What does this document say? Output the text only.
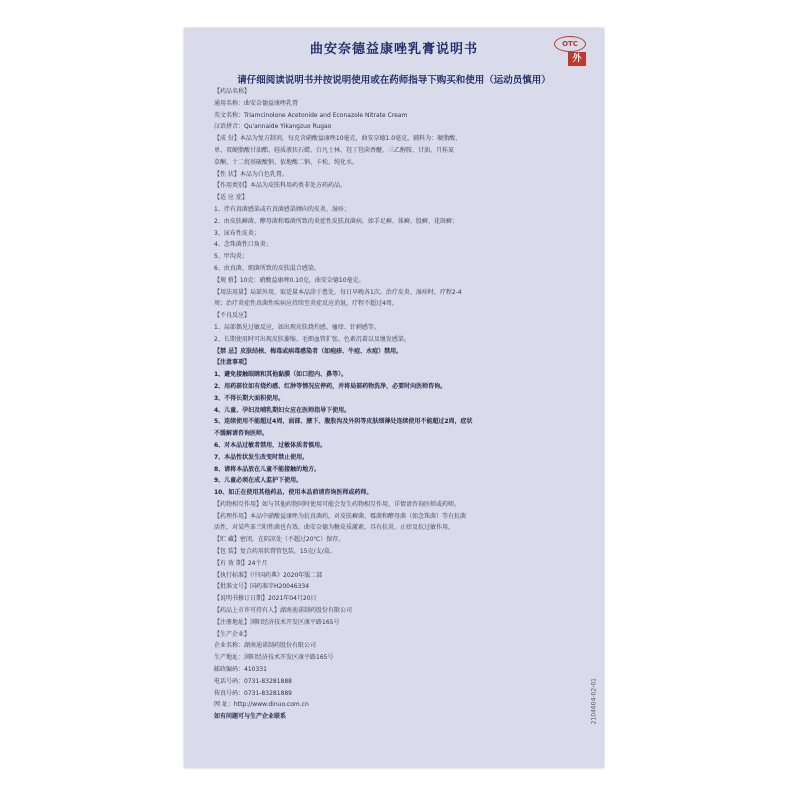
曲安奈德益康唑乳膏说明书	OTC
外
请仔细阅读说明书并按说明使用或在药师指导下购买和使用（运动员慎用）
【药品名称】
通用名称：曲安奈德益康唑乳膏
英文名称：Triamcinolone Acetonide and Econazole Nitrate Cream
汉语拼音：Qu'annaide Yikangzuo Rugao
【成 份】本品为复方制剂，每克含硝酸益康唑10毫克，曲安奈德1.0毫克，辅料为：硬脂酸、
单、双硬脂酸甘油酯、轻质液状石蜡、白凡士林、羟丁羟茴香醚、三乙醇胺、甘油、月桂氮
草酮、十二烷基硫酸钠、依地酸二钠、卡松、纯化水。
【性 状】本品为白色乳膏。
【作用类别】本品为皮肤科用药类非处方药药品。
【适 应 症】
1、伴有真菌感染或有真菌感染倾向的皮炎、湿疹；
2、由皮肤癣菌、酵母菌和霉菌所致的炎症性皮肤真菌病，如手足癣、体癣、股癣、花斑癣；
3、尿布性皮炎；
4、念珠菌性口角炎；
5、甲沟炎；
6、由真菌、细菌所致的皮肤混合感染。
【规 格】10克：硝酸益康唑0.10克，曲安奈德10毫克。
【用法用量】局部外用，取适量本品涂于患处，每日早晚各1次。治疗皮炎、湿疹时，疗程2-4
周；治疗炎症性真菌性疾病应持续至炎症反应消退，疗程不超过4周。
【不良反应】
1、局部偶见过敏反应，如出现皮肤烧灼感、瘙痒、针刺感等。
2、长期使用时可出现皮肤萎缩、毛细血管扩张、色素沉着以及继发感染。
【禁 忌】皮肤结核、梅毒或病毒感染者（如疱疹、牛痘、水痘）禁用。
【注意事项】
1、避免接触眼睛和其他黏膜（如口腔内、鼻等）。
2、用药部位如有烧灼感、红肿等情况应停药，并将局部药物洗净，必要时向医师咨询。
3、不得长期大面积使用。
4、儿童、孕妇及哺乳期妇女应在医师指导下使用。
5、连续使用不能超过4周，面部、腋下、腹股沟及外阴等皮肤细薄处连续使用不能超过2周，症状
不缓解请咨询医师。
6、对本品过敏者禁用，过敏体质者慎用。
7、本品性状发生改变时禁止使用。
8、请将本品放在儿童不能接触的地方。
9、儿童必须在成人监护下使用。
10、如正在使用其他药品，使用本品前请咨询医师或药师。
【药物相互作用】如与其他药物同时使用可能会发生药物相互作用，详情请咨询医师或药师。
【药理作用】本品中硝酸益康唑为抗真菌药，对皮肤癣菌、霉菌和酵母菌（如念珠菌）等有抗菌
活性，对某些革兰阳性菌也有效。曲安奈德为糖皮质激素，具有抗炎、止痒及抗过敏作用。
【贮 藏】密闭，在阴凉处（不超过20℃）保存。
【包 装】复合药用软膏管包装，15克/支/盒。
【有 效 期】24个月
【执行标准】《中国药典》2020年版二部
【批准文号】国药准字H20046334
【说明书修订日期】2021年04月20日
【药品上市许可持有人】湖南迪诺制药股份有限公司
【注册地址】浏阳经济技术开发区康平路165号
【生产企业】
企业名称：湖南迪诺制药股份有限公司
生产地址：浏阳经济技术开发区康平路165号
邮政编码：410331
电话号码：0731-83281888
传真号码：0731-83281889
网 址：http://www.dinuo.com.cn
如有问题可与生产企业联系	2104604-02-01
